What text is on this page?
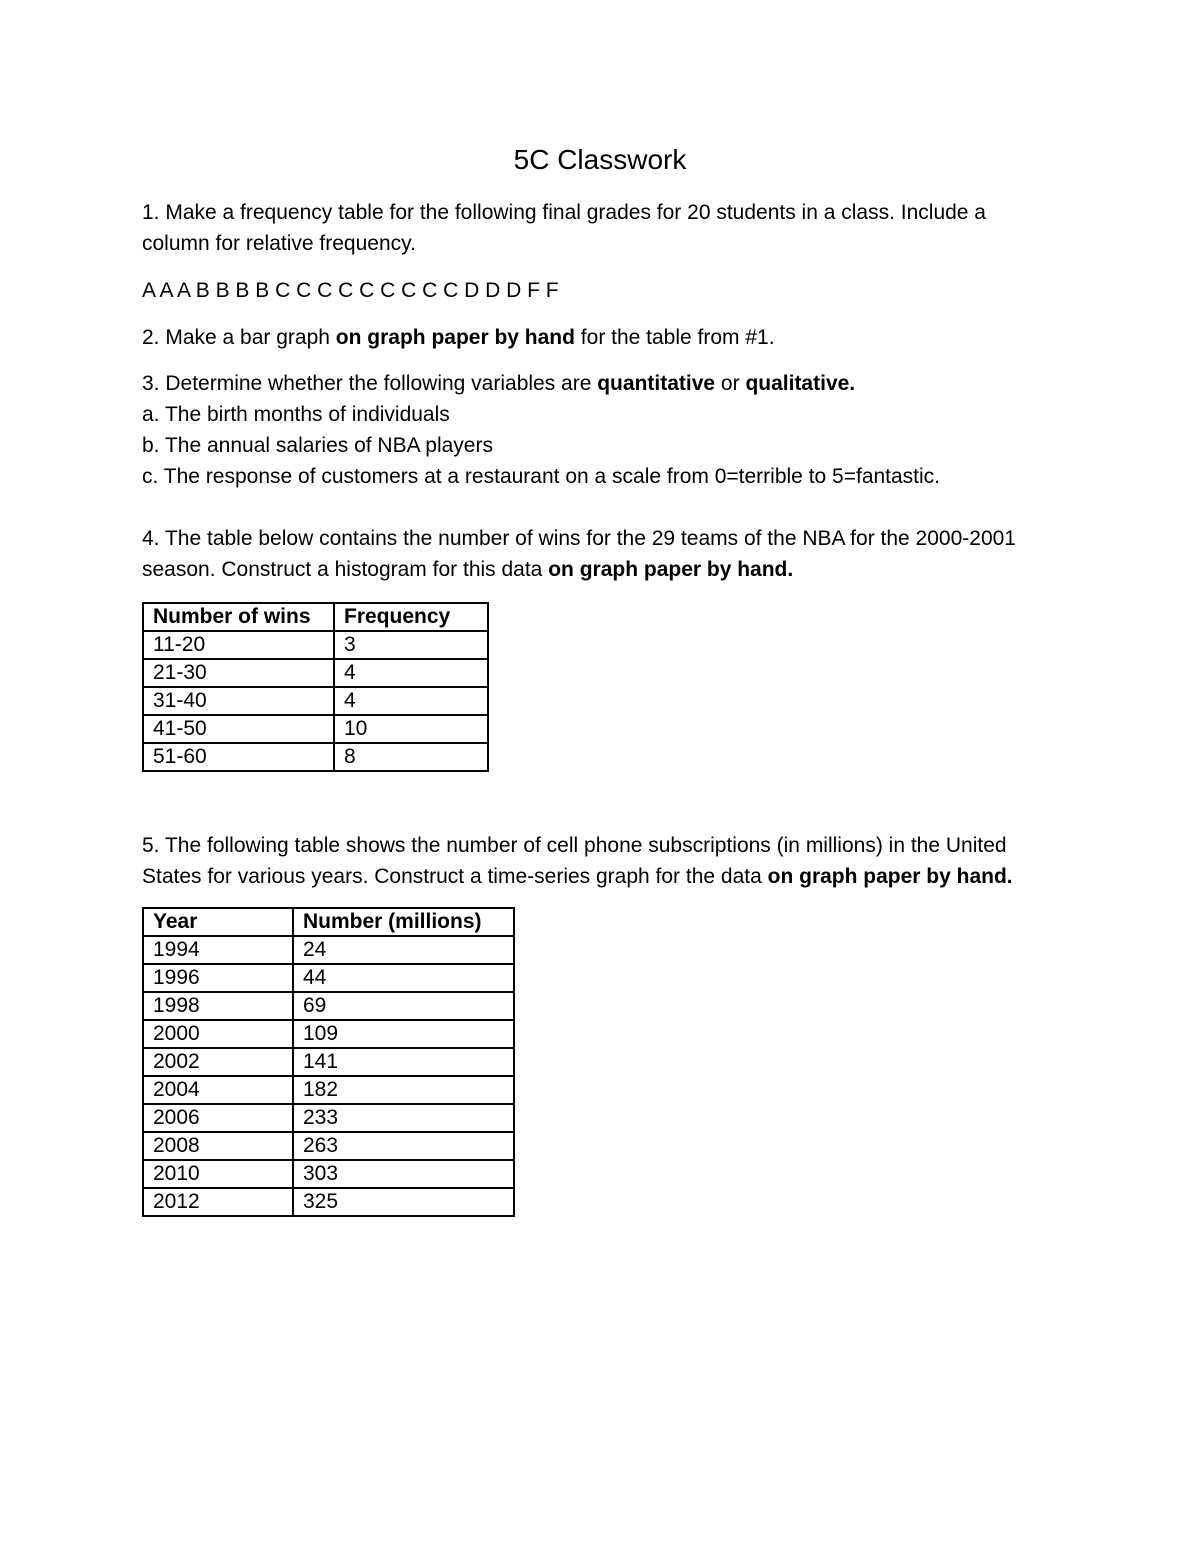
5C Classwork
1. Make a frequency table for the following final grades for 20 students in a class. Include a
column for relative frequency.
A A A B B B B C C C C C C C C C D D D F F
2. Make a bar graph on graph paper by hand for the table from #1.
3. Determine whether the following variables are quantitative or qualitative.
a. The birth months of individuals
b. The annual salaries of NBA players
c. The response of customers at a restaurant on a scale from 0=terrible to 5=fantastic.
4. The table below contains the number of wins for the 29 teams of the NBA for the 2000-2001
season. Construct a histogram for this data on graph paper by hand.
Number of wins	Frequency
11-20	3
21-30	4
31-40	4
41-50	10
51-60	8
5. The following table shows the number of cell phone subscriptions (in millions) in the United
States for various years. Construct a time-series graph for the data on graph paper by hand.
Year	Number (millions)
1994	24
1996	44
1998	69
2000	109
2002	141
2004	182
2006	233
2008	263
2010	303
2012	325
